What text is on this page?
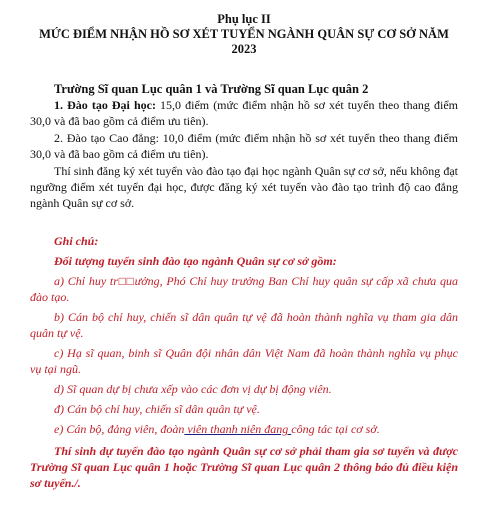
Phụ lục II

MỨC ĐIỂM NHẬN HỒ SƠ XÉT TUYỂN NGÀNH QUÂN SỰ CƠ SỞ NĂM

2023

Trường Sĩ quan Lục quân 1 và Trường Sĩ quan Lục quân 2

1. Đào tạo Đại học: 15,0 điểm (mức điểm nhận hồ sơ xét tuyển theo thang điểm 30,0 và đã bao gồm cả điểm ưu tiên).

2. Đào tạo Cao đẳng: 10,0 điểm (mức điểm nhận hồ sơ xét tuyển theo thang điểm 30,0 và đã bao gồm cả điểm ưu tiên).

Thí sinh đăng ký xét tuyển vào đào tạo đại học ngành Quân sự cơ sở, nếu không đạt ngưỡng điểm xét tuyển đại học, được đăng ký xét tuyển vào đào tạo trình độ cao đẳng ngành Quân sự cơ sở.

Ghi chú:

Đối tượng tuyển sinh đào tạo ngành Quân sự cơ sở gồm:

a) Chỉ huy tr□□ưởng, Phó Chỉ huy trưởng Ban Chỉ huy quân sự cấp xã chưa qua đào tạo.

b) Cán bộ chỉ huy, chiến sĩ dân quân tự vệ đã hoàn thành nghĩa vụ tham gia dân quân tự vệ.

c) Hạ sĩ quan, binh sĩ Quân đội nhân dân Việt Nam đã hoàn thành nghĩa vụ phục vụ tại ngũ.

d) Sĩ quan dự bị chưa xếp vào các đơn vị dự bị động viên.

đ) Cán bộ chỉ huy, chiến sĩ dân quân tự vệ.

e) Cán bộ, đảng viên, đoàn viên thanh niên đang công tác tại cơ sở.

Thí sinh dự tuyển đào tạo ngành Quân sự cơ sở phải tham gia sơ tuyển và được Trường Sĩ quan Lục quân 1 hoặc Trường Sĩ quan Lục quân 2 thông báo đủ điều kiện sơ tuyển./.
